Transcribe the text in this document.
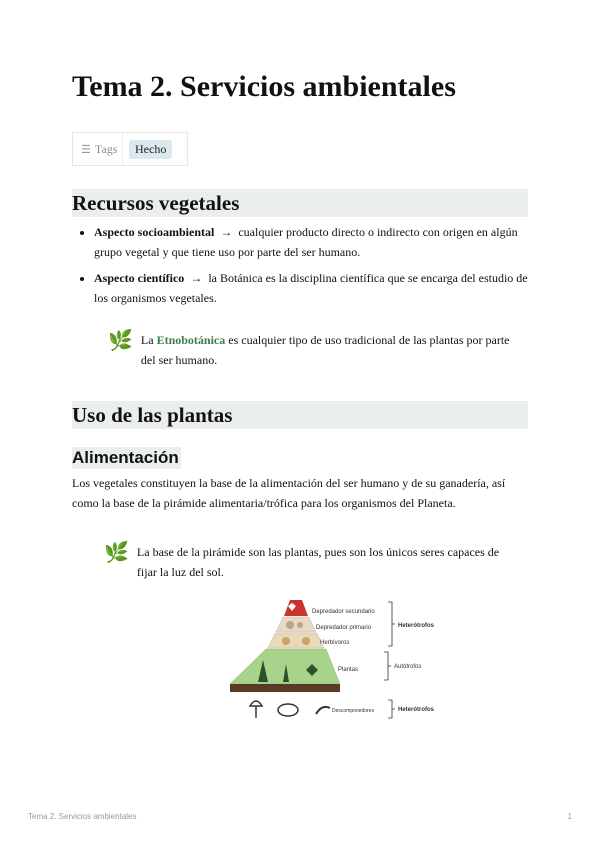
Tema 2. Servicios ambientales
☰ Tags	Hecho
Recursos vegetales
• Aspecto socioambiental → cualquier producto directo o indirecto con origen en algún grupo vegetal y que tiene uso por parte del ser humano.
• Aspecto científico → la Botánica es la disciplina científica que se encarga del estudio de los organismos vegetales.
🌿 La Etnobotánica es cualquier tipo de uso tradicional de las plantas por parte del ser humano.
Uso de las plantas
Alimentación

Los vegetales constituyen la base de la alimentación del ser humano y de su ganadería, así como la base de la pirámide alimentaria/trófica para los organismos del Planeta.

🌿 La base de la pirámide son las plantas, pues son los únicos seres capaces de fijar la luz del sol.
Depredador secundario
Depredador primario
Herbívoros
Plantas
Descomponedores
Heterótrofos
Autótrofos
Heterótrofos
Tema 2. Servicios ambientales	1
